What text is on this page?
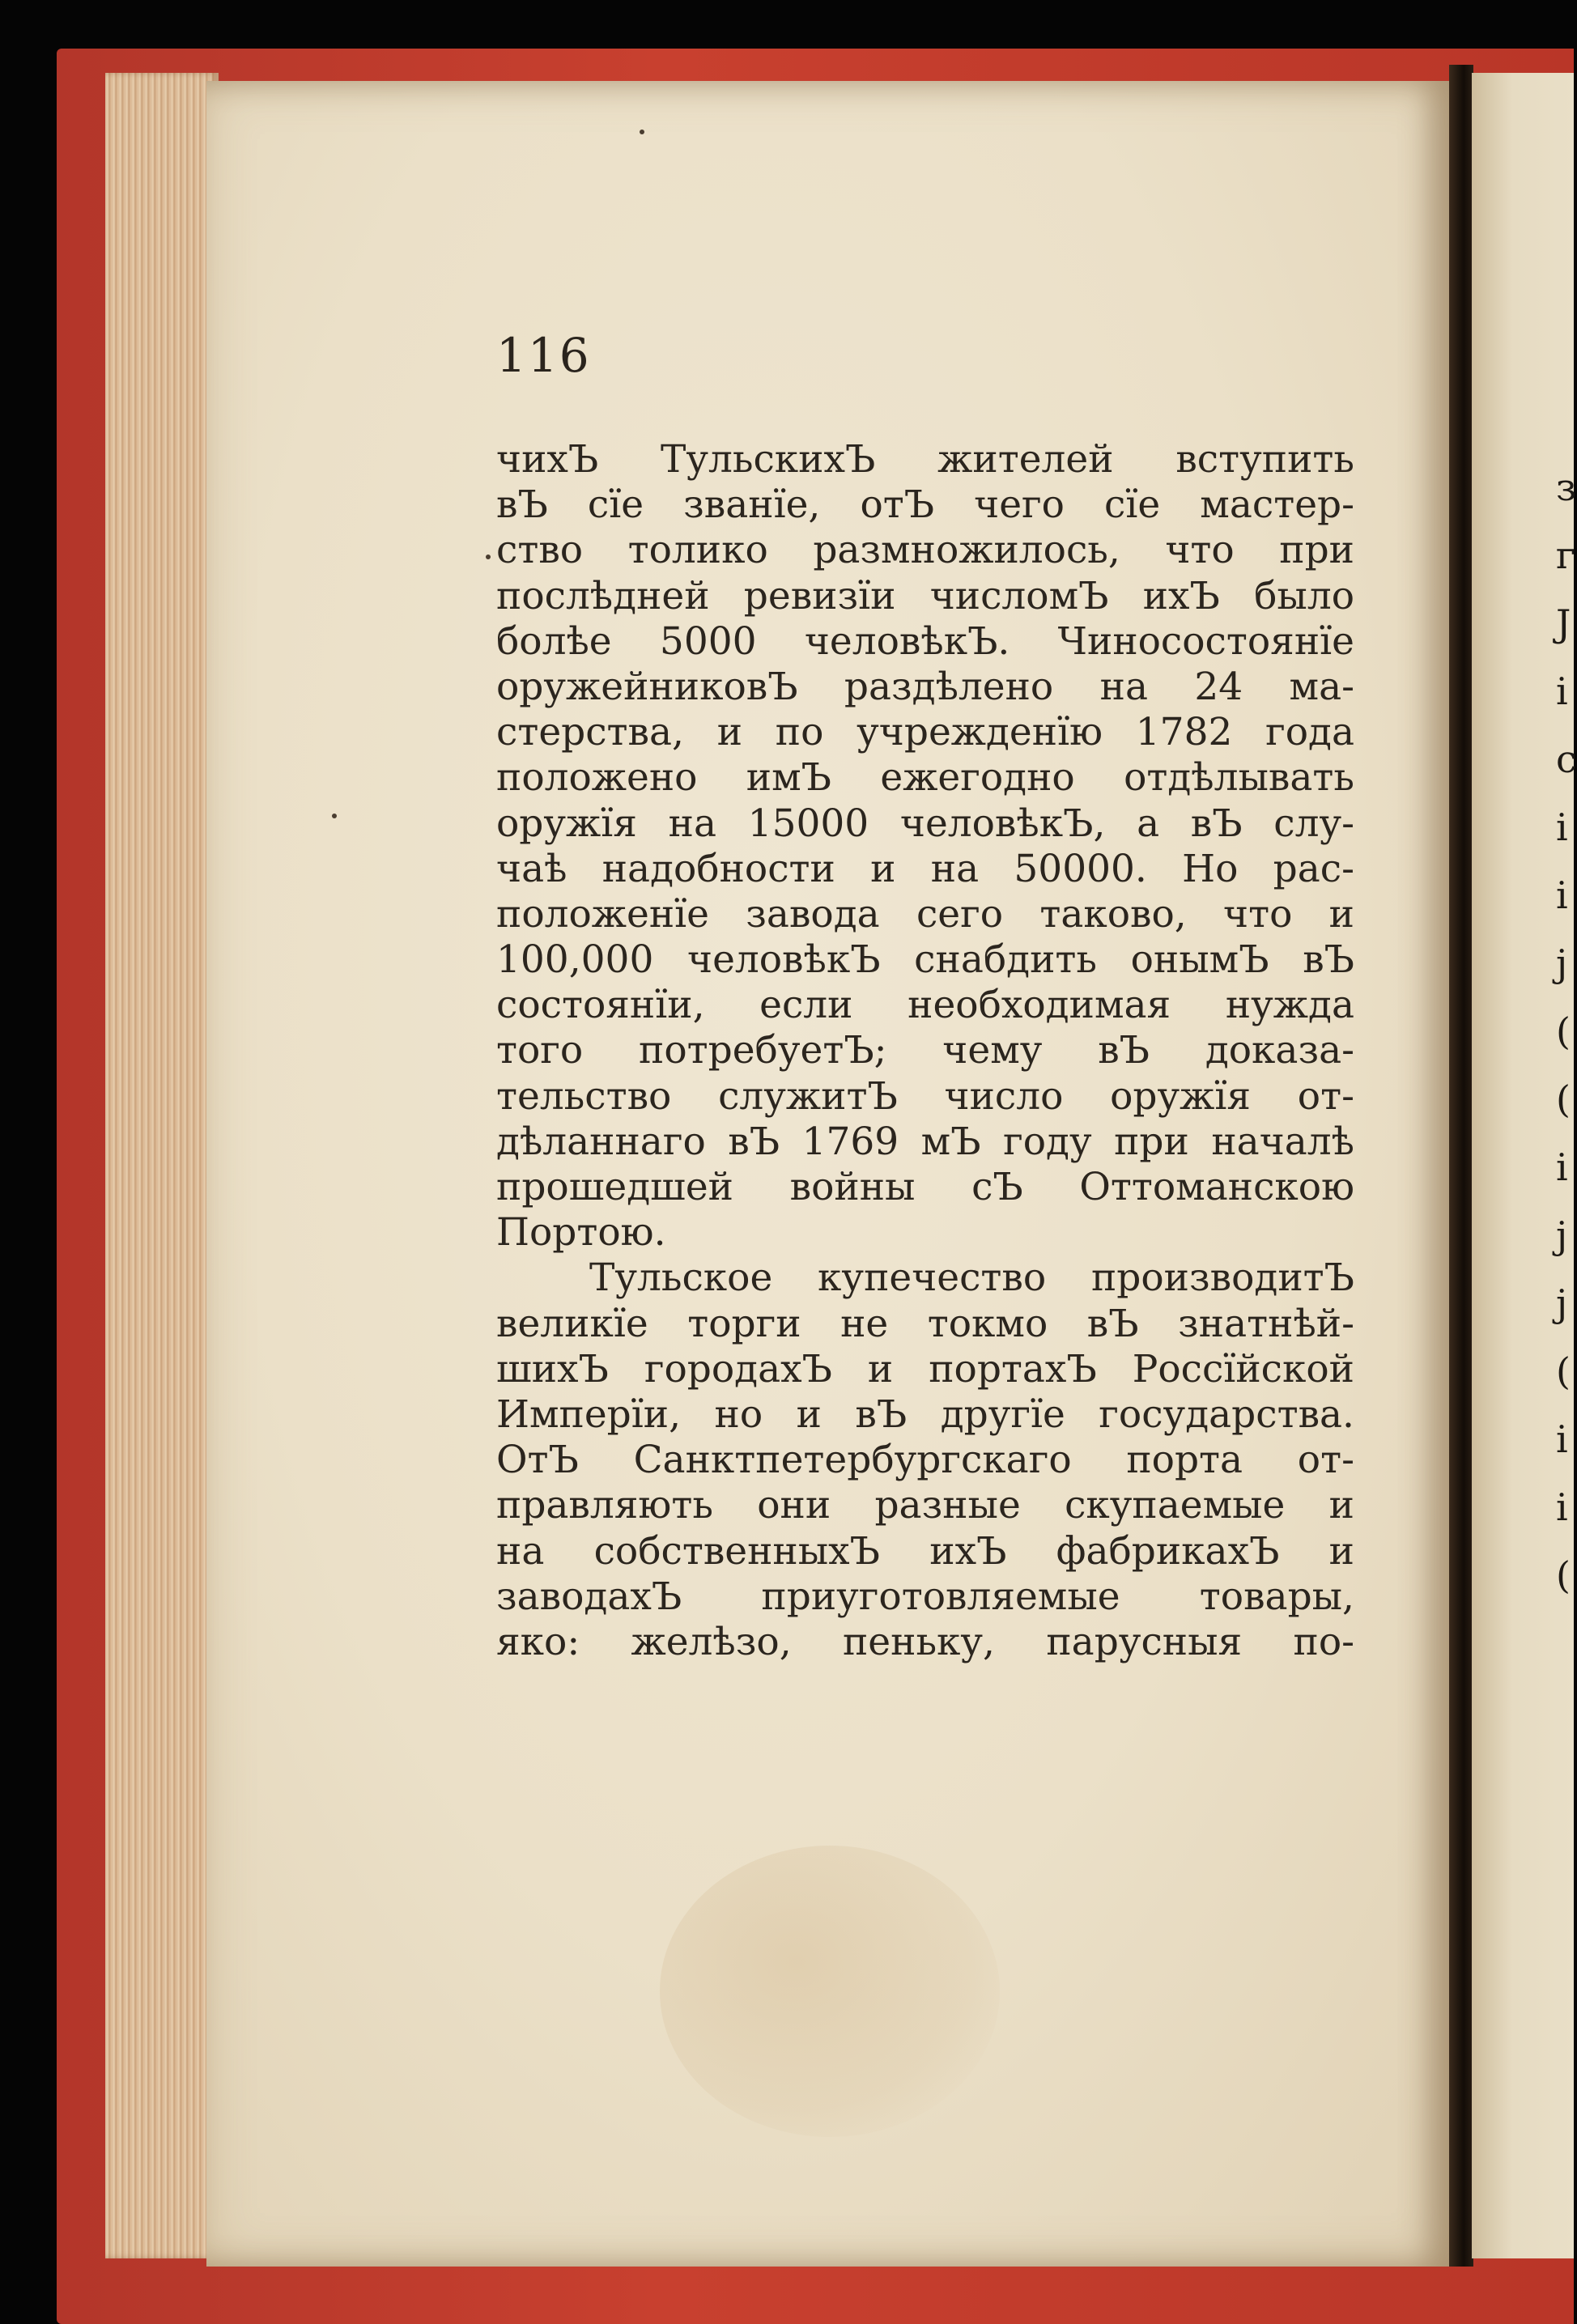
з
г
Ј
і
с
і
і
ј
(
(
і
ј
ј
(
і
і
(
116
чихЪ ТульскихЪ жителей вступить
вЪ сїе званїе, отЪ чего сїе мастер-
ство толико размножилось, что при
послѣдней ревизїи числомЪ ихЪ было
болѣе 5000 человѣкЪ. Чиносостоянїе
оружейниковЪ раздѣлено на 24 ма-
стерства, и по учрежденїю 1782 года
положено имЪ ежегодно отдѣлывать
оружїя на 15000 человѣкЪ, а вЪ слу-
чаѣ надобности и на 50000. Но рас-
положенїе завода сего таково, что и
100,000 человѣкЪ снабдить онымЪ вЪ
состоянїи, если необходимая нужда
того потребуетЪ; чему вЪ доказа-
тельство служитЪ число оружїя от-
дѣланнаго вЪ 1769 мЪ году при началѣ
прошедшей войны сЪ Оттоманскою
Портою.
Тульское купечество производитЪ
великїе торги не токмо вЪ знатнѣй-
шихЪ городахЪ и портахЪ Россїйской
Имперїи, но и вЪ другїе государства.
ОтЪ Санктпетербургскаго порта от-
правляють они разные скупаемые и
на собственныхЪ ихЪ фабрикахЪ и
заводахЪ приуготовляемые товары,
яко: желѣзо, пеньку, парусныя по-
